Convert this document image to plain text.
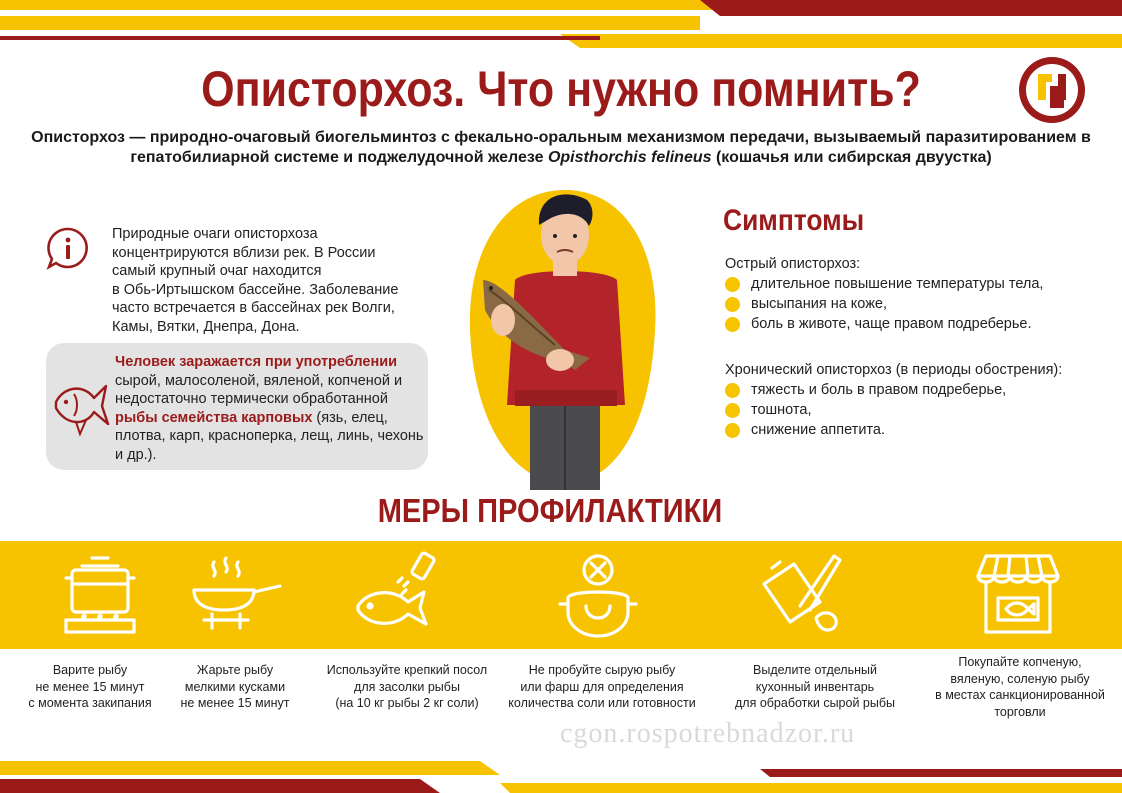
Описторхоз. Что нужно помнить?
Описторхоз — природно-очаговый биогельминтоз с фекально-оральным механизмом передачи, вызываемый паразитированием в гепатобилиарной системе и поджелудочной железе Opisthorchis felineus (кошачья или сибирская двуустка)
Природные очаги описторхоза
концентрируются вблизи рек. В России
самый крупный очаг находится
в Обь-Иртышском бассейне. Заболевание
часто встречается в бассейнах рек Волги,
Камы, Вятки, Днепра, Дона.
Человек заражается при употреблении сырой, малосоленой, вяленой, копченой и недостаточно термически обработанной рыбы семейства карповых (язь, елец, плотва, карп, красноперка, лещ, линь, чехонь и др.).
Симптомы
Острый описторхоз:
длительное повышение температуры тела,
высыпания на коже,
боль в животе, чаще правом подреберье.
Хронический описторхоз (в периоды обострения):
тяжесть и боль в правом подреберье,
тошнота,
снижение аппетита.
МЕРЫ ПРОФИЛАКТИКИ
Варите рыбу
не менее 15 минут
с момента закипания
Жарьте рыбу
мелкими кусками
не менее 15 минут
Используйте крепкий посол
для засолки рыбы
(на 10 кг рыбы 2 кг соли)
Не пробуйте сырую рыбу
или фарш для определения
количества соли или готовности
Выделите отдельный
кухонный инвентарь
для обработки сырой рыбы
Покупайте копченую,
вяленую, соленую рыбу
в местах санкционированной
торговли
cgon.rospotrebnadzor.ru
